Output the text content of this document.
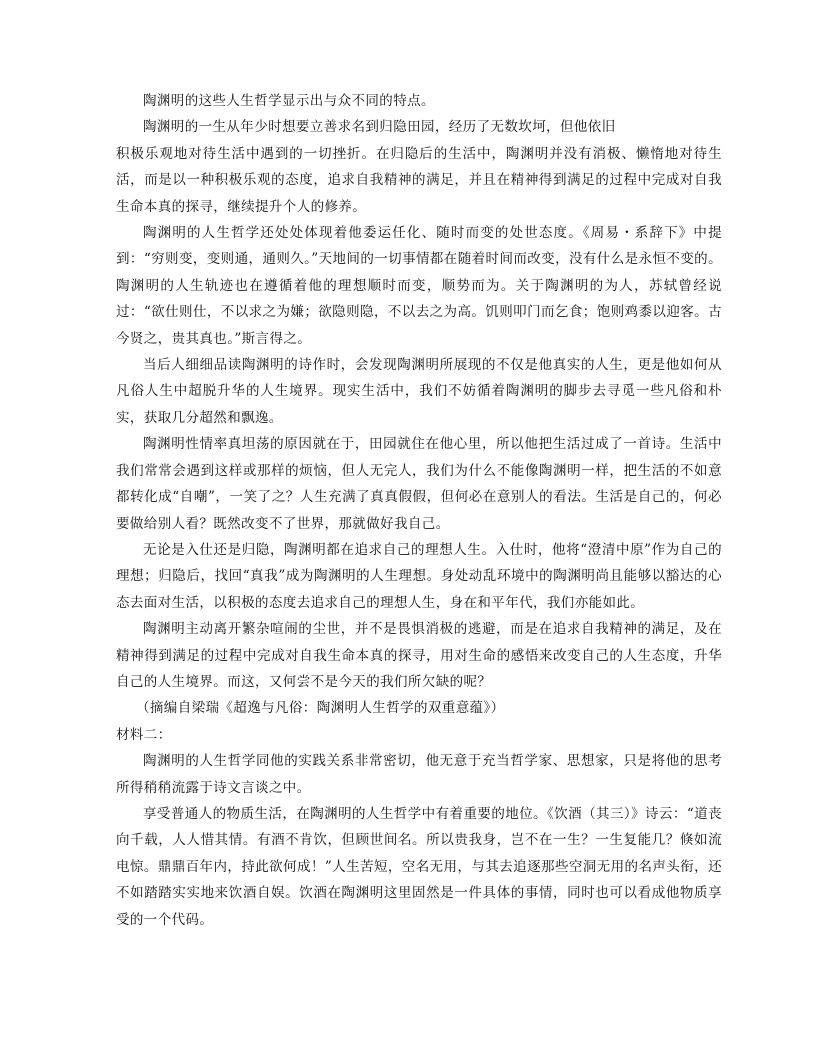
陶渊明的这些人生哲学显示出与众不同的特点。

陶渊明的一生从年少时想要立善求名到归隐田园，经历了无数坎坷，但他依旧

积极乐观地对待生活中遇到的一切挫折。在归隐后的生活中，陶渊明并没有消极、懒惰地对待生活，而是以一种积极乐观的态度，追求自我精神的满足，并且在精神得到满足的过程中完成对自我生命本真的探寻，继续提升个人的修养。

陶渊明的人生哲学还处处体现着他委运任化、随时而变的处世态度。《周易・系辞下》中提到：“穷则变，变则通，通则久。”天地间的一切事情都在随着时间而改变，没有什么是永恒不变的。陶渊明的人生轨迹也在遵循着他的理想顺时而变，顺势而为。关于陶渊明的为人，苏轼曾经说过：“欲仕则仕，不以求之为嫌；欲隐则隐，不以去之为高。饥则叩门而乞食；饱则鸡黍以迎客。古今贤之，贵其真也。”斯言得之。

当后人细细品读陶渊明的诗作时，会发现陶渊明所展现的不仅是他真实的人生，更是他如何从凡俗人生中超脱升华的人生境界。现实生活中，我们不妨循着陶渊明的脚步去寻觅一些凡俗和朴实，获取几分超然和飘逸。

陶渊明性情率真坦荡的原因就在于，田园就住在他心里，所以他把生活过成了一首诗。生活中我们常常会遇到这样或那样的烦恼，但人无完人，我们为什么不能像陶渊明一样，把生活的不如意都转化成“自嘲”，一笑了之？人生充满了真真假假，但何必在意别人的看法。生活是自己的，何必要做给别人看？既然改变不了世界，那就做好我自己。

无论是入仕还是归隐，陶渊明都在追求自己的理想人生。入仕时，他将“澄清中原”作为自己的理想；归隐后，找回“真我”成为陶渊明的人生理想。身处动乱环境中的陶渊明尚且能够以豁达的心态去面对生活，以积极的态度去追求自己的理想人生，身在和平年代，我们亦能如此。

陶渊明主动离开繁杂喧闹的尘世，并不是畏惧消极的逃避，而是在追求自我精神的满足，及在精神得到满足的过程中完成对自我生命本真的探寻，用对生命的感悟来改变自己的人生态度，升华自己的人生境界。而这，又何尝不是今天的我们所欠缺的呢？

（摘编自梁瑞《超逸与凡俗：陶渊明人生哲学的双重意蕴》）

材料二：

陶渊明的人生哲学同他的实践关系非常密切，他无意于充当哲学家、思想家，只是将他的思考所得稍稍流露于诗文言谈之中。

享受普通人的物质生活，在陶渊明的人生哲学中有着重要的地位。《饮酒（其三）》诗云：“道丧向千载，人人惜其情。有酒不肯饮，但顾世间名。所以贵我身，岂不在一生？一生复能几？倏如流电惊。鼎鼎百年内，持此欲何成！”人生苦短，空名无用，与其去追逐那些空洞无用的名声头衔，还不如踏踏实实地来饮酒自娱。饮酒在陶渊明这里固然是一件具体的事情，同时也可以看成他物质享受的一个代码。
